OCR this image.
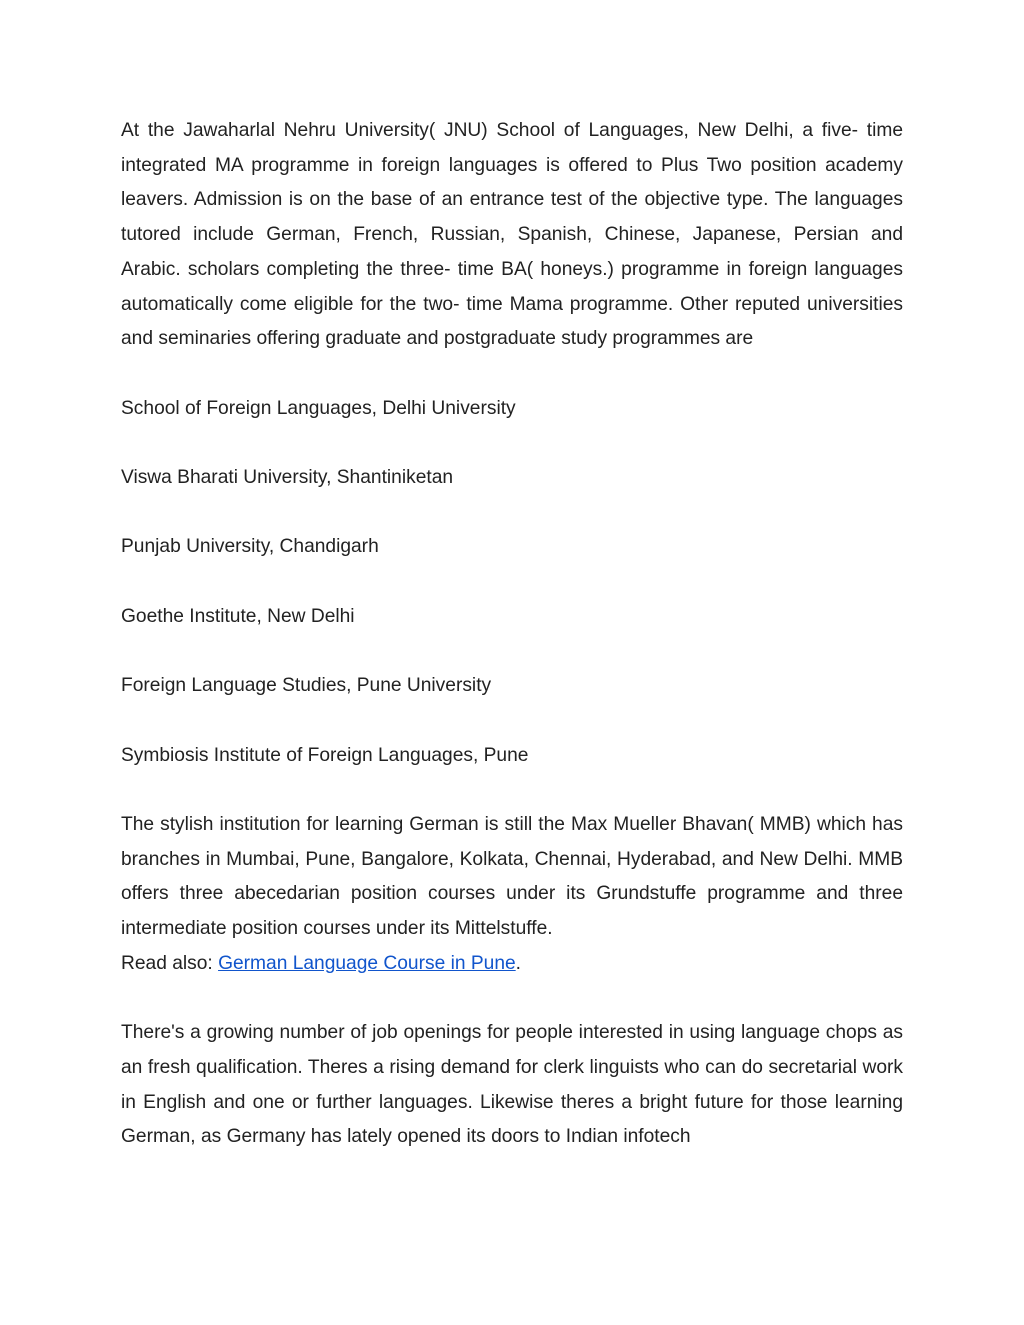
At the Jawaharlal Nehru University( JNU) School of Languages, New Delhi, a five- time integrated MA programme in foreign languages is offered to Plus Two position academy leavers. Admission is on the base of an entrance test of the objective type. The languages tutored include German, French, Russian, Spanish, Chinese, Japanese, Persian and Arabic. scholars completing the three- time BA( honeys.) programme in foreign languages automatically come eligible for the two- time Mama programme. Other reputed universities and seminaries offering graduate and postgraduate study programmes are

School of Foreign Languages, Delhi University

Viswa Bharati University, Shantiniketan

Punjab University, Chandigarh

Goethe Institute, New Delhi

Foreign Language Studies, Pune University

Symbiosis Institute of Foreign Languages, Pune

The stylish institution for learning German is still the Max Mueller Bhavan( MMB) which has branches in Mumbai, Pune, Bangalore, Kolkata, Chennai, Hyderabad, and New Delhi. MMB offers three abecedarian position courses under its Grundstuffe programme and three intermediate position courses under its Mittelstuffe.

Read also: German Language Course in Pune.

There's a growing number of job openings for people interested in using language chops as an fresh qualification. Theres a rising demand for clerk linguists who can do secretarial work in English and one or further languages. Likewise theres a bright future for those learning German, as Germany has lately opened its doors to Indian infotech
